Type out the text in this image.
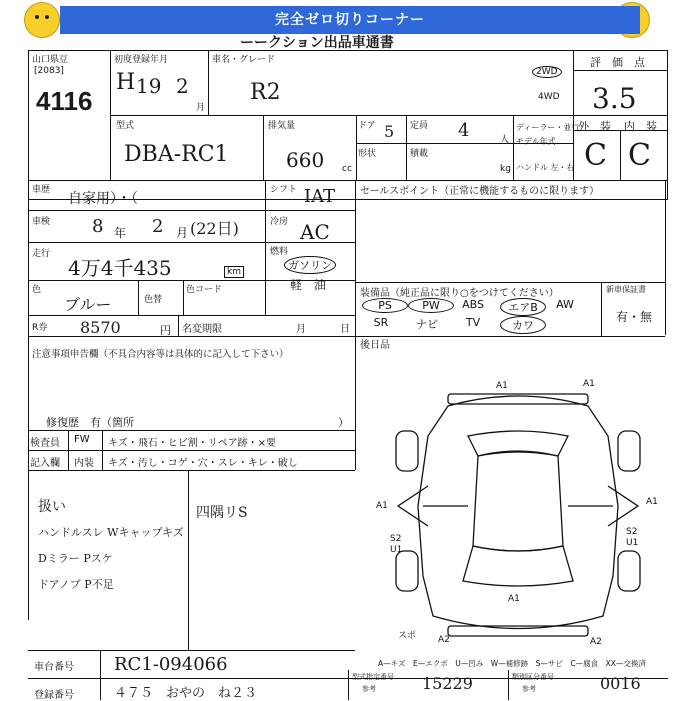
完全ゼロ切りコーナー
ーークション出品車通書
山口県豆
[2083]
4116
初度登録年月
H 19 2
月
車名・グレード
R2
2WD
4WD
評　価　点
3.5
外　装 内　装
C C
型式
DBA-RC1
排気量
660 cc
ドア 5 定員 4	人
ディーラー・並行
形状	積載
kg
モデル年式
ハンドル 左・右
車歴
自家用）・（
シフト IAT セールスポイント（正常に機能するものに限ります）
車検 8 年 2 月 (22日)	冷房 AC
走行
4万4千435	km
燃料
ガソリン
軽　油
色
ブルー	色替
色コード	装備品（純正品に限り○をつけてください）	新車保証書
有・無
PS	PW	ABS	エアB	AW
SR	ナビ	TV	カワ
R券 8570	円 名変期限	月	日
後日品
注意事項申告欄（不具合内容等は具体的に記入して下さい）
修復歴　有（箇所	）
検査員
記入欄
FW キズ・飛石・ヒビ割・リペア跡・×要
内装 キズ・汚し・コゲ・穴・スレ・キレ・破し
扱い
ハンドルスレ Wキャップキズ
Dミラー Pスケ
ドアノブ P不足
四隅リS
A1	A1
A1	A1
S2
U1
S2
U1
A1
A2	A2
スポ
A—キズ　E—エクボ　U—凹み　W—補修跡　S—サビ　C—腐食　XX—交換済
車台番号 RC1-094066
登録番号	４７５　おやの　ね２３
型式指定番号
参考	15229	類別区分番号
参考	0016
